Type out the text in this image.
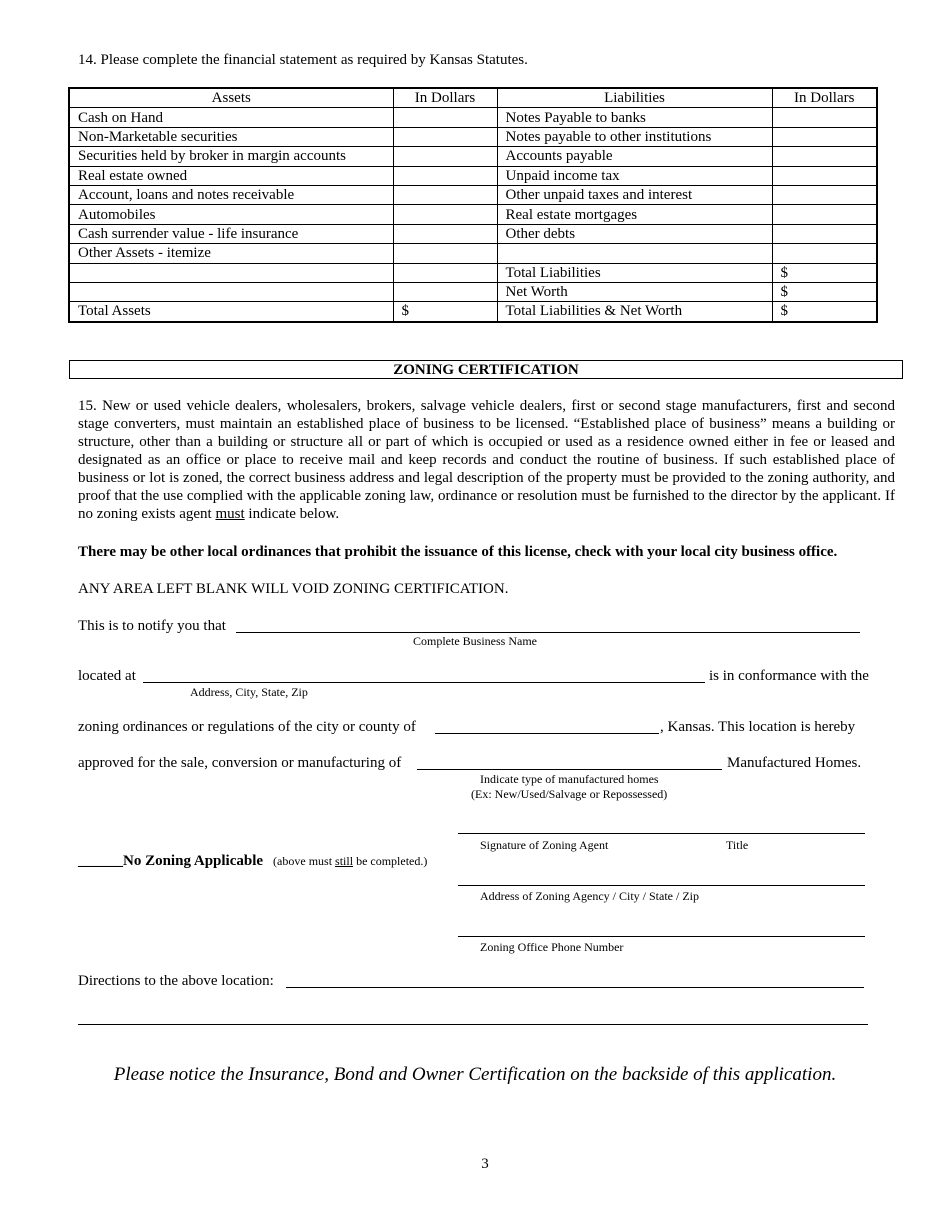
14. Please complete the financial statement as required by Kansas Statutes.
Assets	In Dollars	Liabilities	In Dollars
Cash on Hand		Notes Payable to banks	
Non-Marketable securities		Notes payable to other institutions	
Securities held by broker in margin accounts		Accounts payable	
Real estate owned		Unpaid income tax	
Account, loans and notes receivable		Other unpaid taxes and interest	
Automobiles		Real estate mortgages	
Cash surrender value - life insurance		Other debts	
Other Assets - itemize			
		Total Liabilities	$
		Net Worth	$
Total Assets	$	Total Liabilities & Net Worth	$
ZONING CERTIFICATION
15. New or used vehicle dealers, wholesalers, brokers, salvage vehicle dealers, first or second stage manufacturers, first and second stage converters, must maintain an established place of business to be licensed. “Established place of business” means a building or structure, other than a building or structure all or part of which is occupied or used as a residence owned either in fee or leased and designated as an office or place to receive mail and keep records and conduct the routine of business. If such established place of business or lot is zoned, the correct business address and legal description of the property must be provided to the zoning authority, and proof that the use complied with the applicable zoning law, ordinance or resolution must be furnished to the director by the applicant. If no zoning exists agent must indicate below.
There may be other local ordinances that prohibit the issuance of this license, check with your local city business office.
ANY AREA LEFT BLANK WILL VOID ZONING CERTIFICATION.
This is to notify you that
Complete Business Name
located at	is in conformance with the
Address, City, State, Zip
zoning ordinances or regulations of the city or county of	, Kansas. This location is hereby
approved for the sale, conversion or manufacturing of	Manufactured Homes.
Indicate type of manufactured homes
(Ex: New/Used/Salvage or Repossessed)
Signature of Zoning Agent	Title
______No Zoning Applicable (above must still be completed.)
Address of Zoning Agency / City / State / Zip
Zoning Office Phone Number
Directions to the above location:
Please notice the Insurance, Bond and Owner Certification on the backside of this application.
3
